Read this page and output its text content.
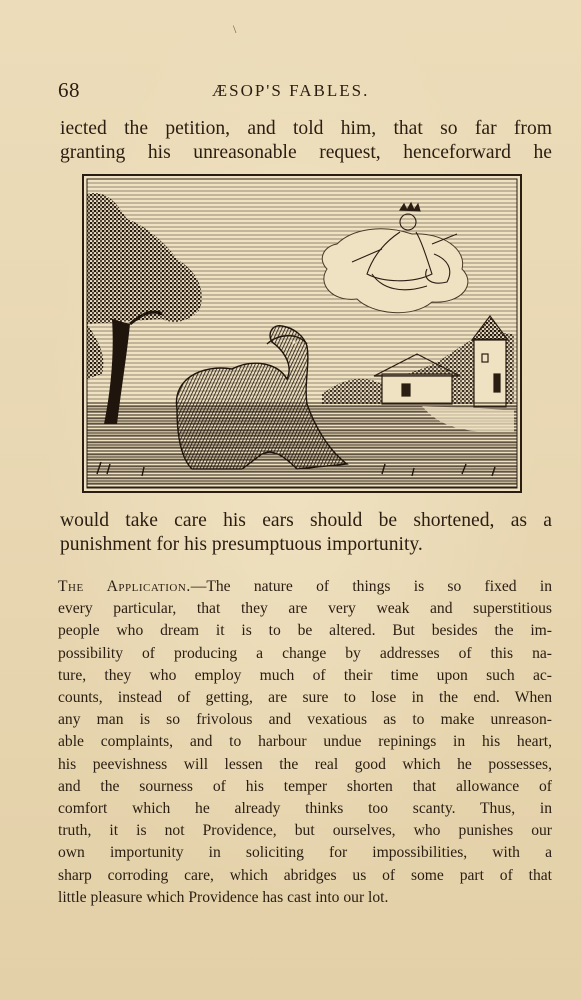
\
68	ÆSOP'S FABLES.

iected the petition, and told him, that so far from
granting his unreasonable request, henceforward he

would take care his ears should be shortened, as a
punishment for his presumptuous importunity.

The Application.—The nature of things is so fixed in
every particular, that they are very weak and superstitious
people who dream it is to be altered. But besides the im-
possibility of producing a change by addresses of this na-
ture, they who employ much of their time upon such ac-
counts, instead of getting, are sure to lose in the end. When
any man is so frivolous and vexatious as to make unreason-
able complaints, and to harbour undue repinings in his heart,
his peevishness will lessen the real good which he possesses,
and the sourness of his temper shorten that allowance of
comfort which he already thinks too scanty. Thus, in
truth, it is not Providence, but ourselves, who punishes our
own importunity in soliciting for impossibilities, with a
sharp corroding care, which abridges us of some part of that
little pleasure which Providence has cast into our lot.
